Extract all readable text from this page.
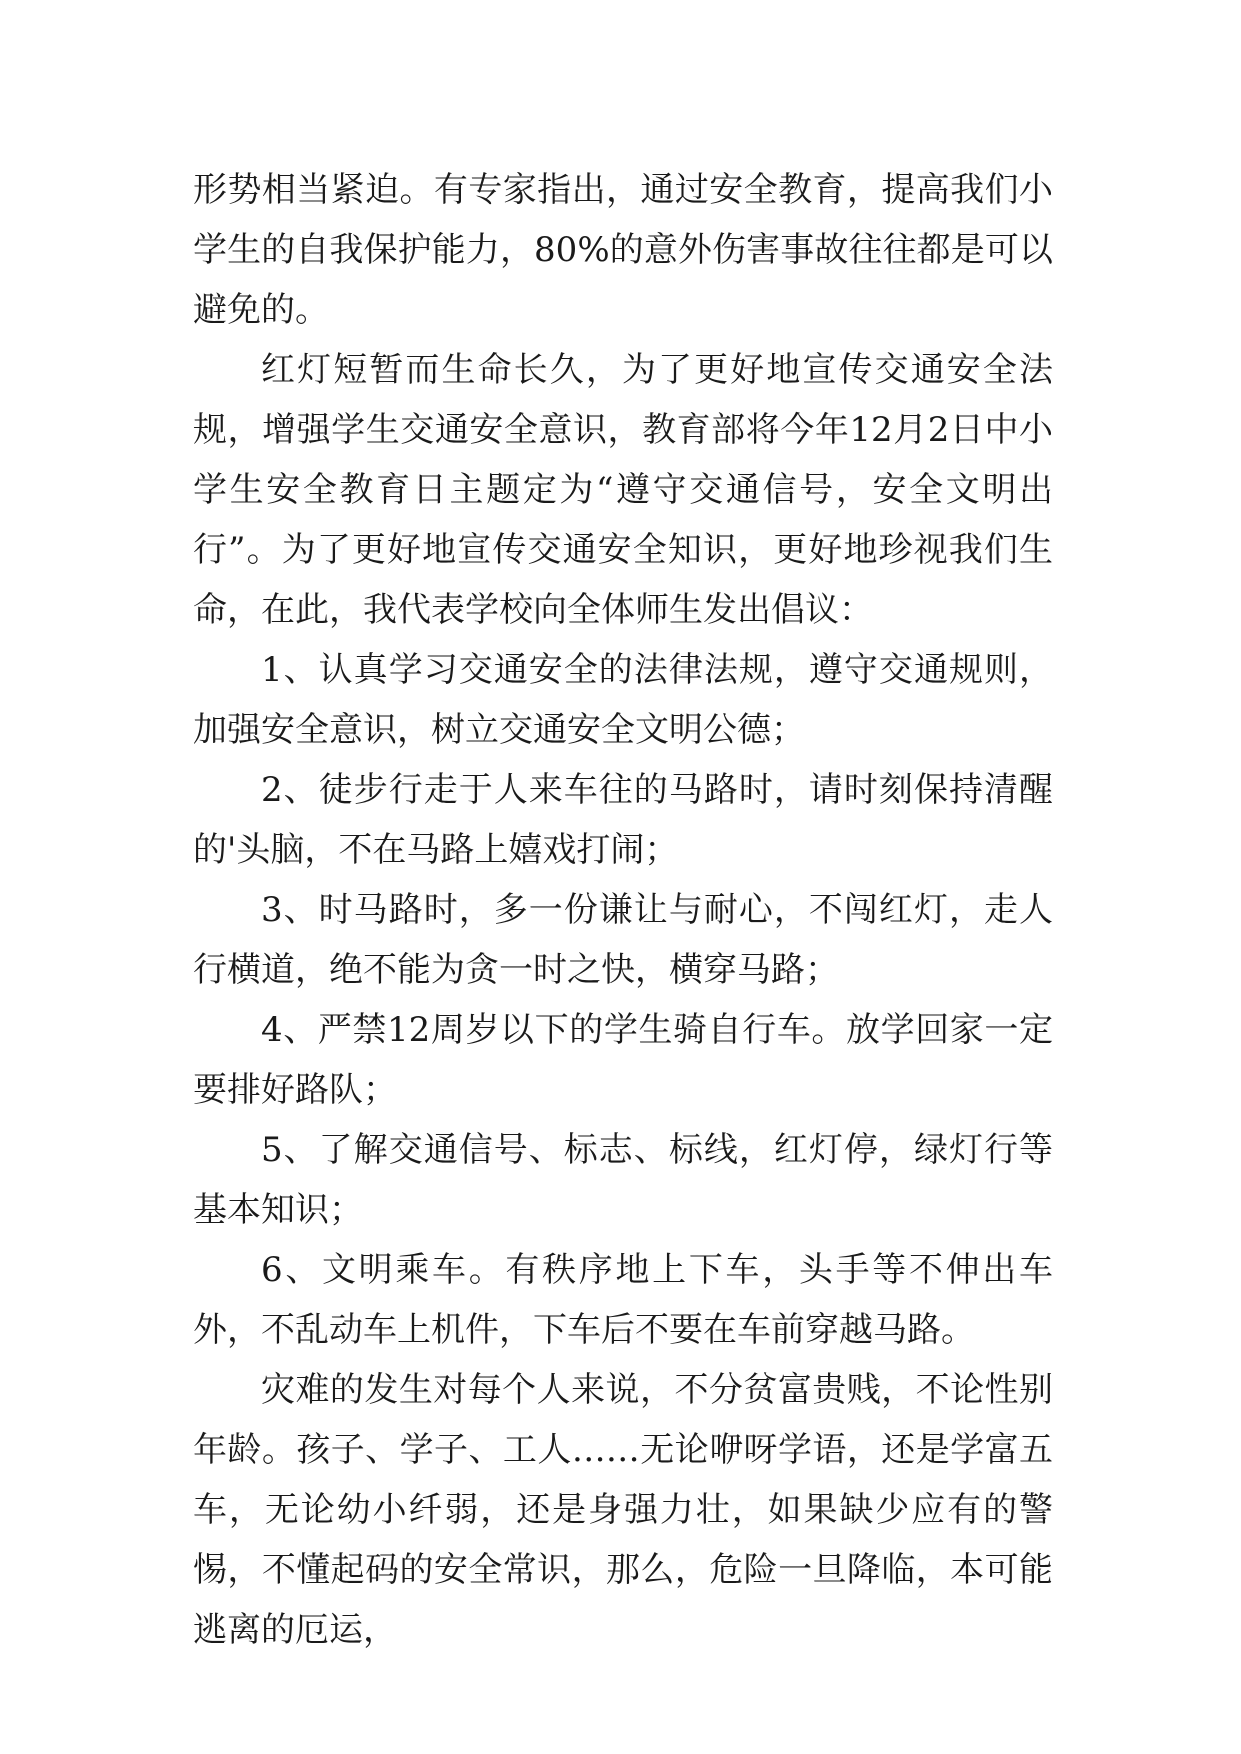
形势相当紧迫。有专家指出，通过安全教育，提高我们小学生的自我保护能力，80%的意外伤害事故往往都是可以避免的。

红灯短暂而生命长久，为了更好地宣传交通安全法规，增强学生交通安全意识，教育部将今年12月2日中小学生安全教育日主题定为“遵守交通信号，安全文明出行”。为了更好地宣传交通安全知识，更好地珍视我们生命，在此，我代表学校向全体师生发出倡议：

1、认真学习交通安全的法律法规，遵守交通规则，加强安全意识，树立交通安全文明公德；

2、徒步行走于人来车往的马路时，请时刻保持清醒的'头脑，不在马路上嬉戏打闹；

3、时马路时，多一份谦让与耐心，不闯红灯，走人行横道，绝不能为贪一时之快，横穿马路；

4、严禁12周岁以下的学生骑自行车。放学回家一定要排好路队；

5、了解交通信号、标志、标线，红灯停，绿灯行等基本知识；

6、文明乘车。有秩序地上下车，头手等不伸出车外，不乱动车上机件，下车后不要在车前穿越马路。

灾难的发生对每个人来说，不分贫富贵贱，不论性别年龄。孩子、学子、工人……无论咿呀学语，还是学富五车，无论幼小纤弱，还是身强力壮，如果缺少应有的警惕，不懂起码的安全常识，那么，危险一旦降临，本可能逃离的厄运，
